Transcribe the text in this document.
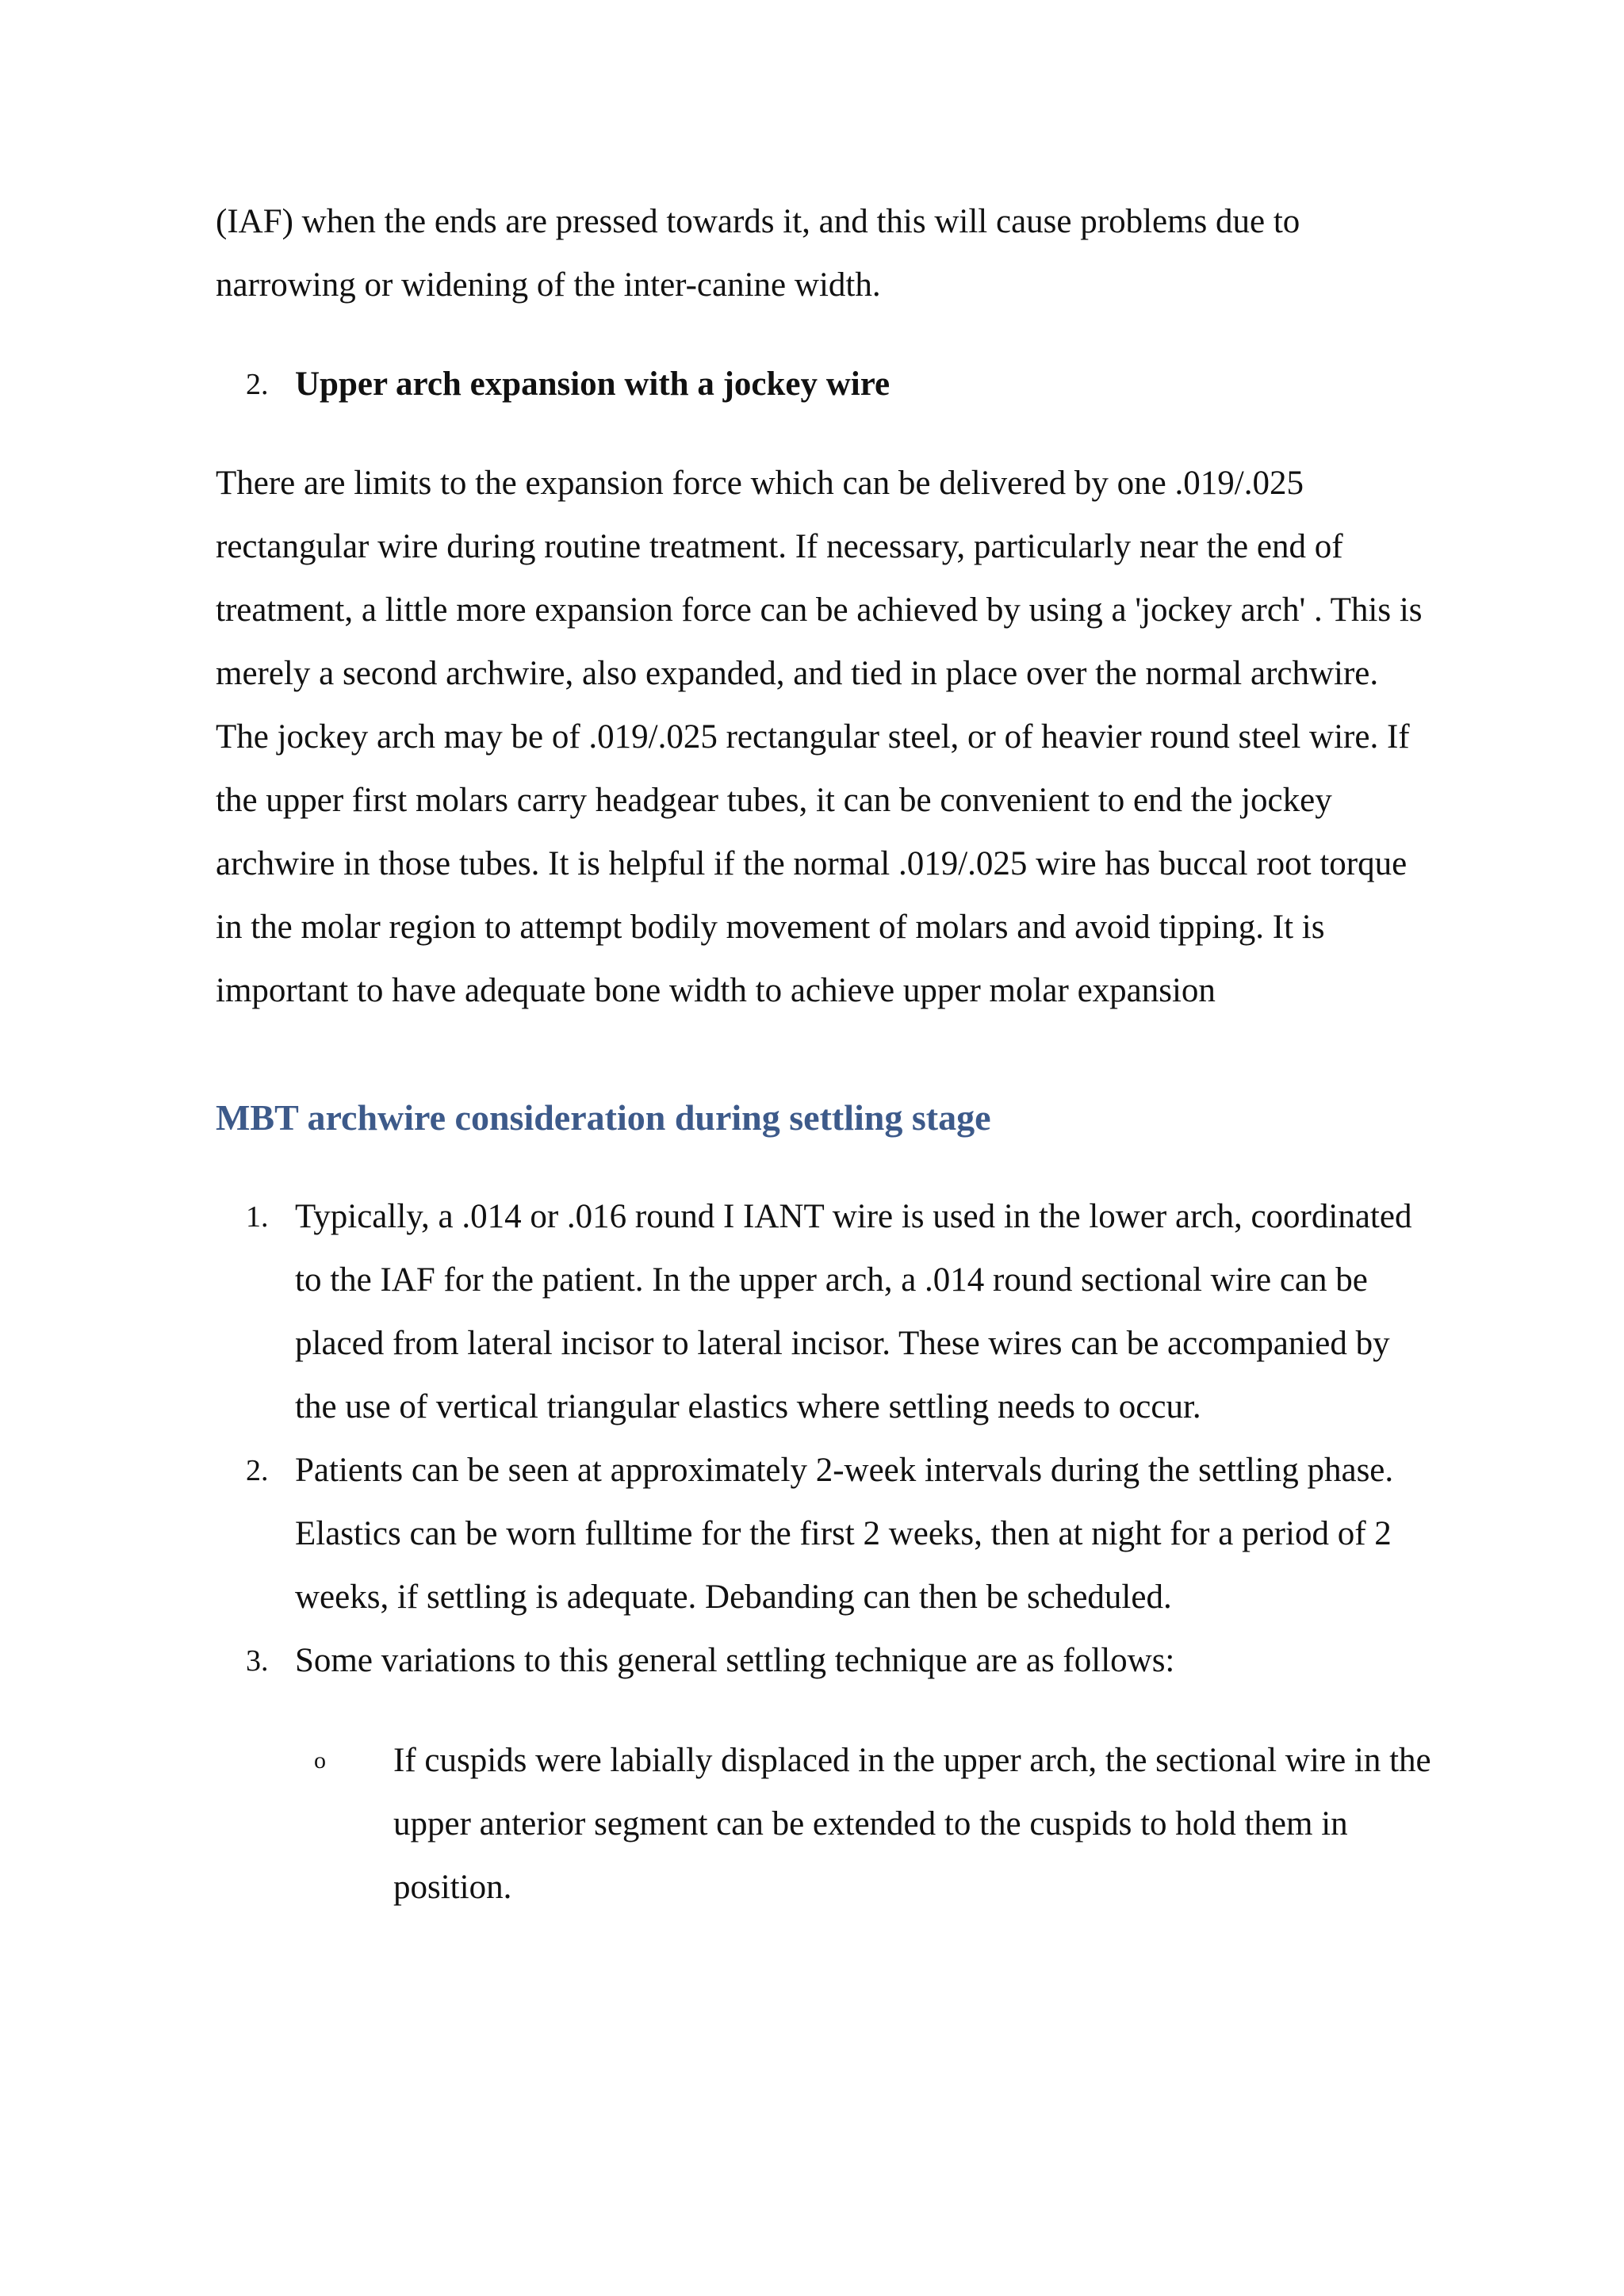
(IAF) when the ends are pressed towards it, and this will cause problems due to narrowing or widening of the inter-canine width.

2. Upper arch expansion with a jockey wire

There are limits to the expansion force which can be delivered by one .019/.025 rectangular wire during routine treatment. If necessary, particularly near the end of treatment, a little more expansion force can be achieved by using a 'jockey arch' . This is merely a second archwire, also expanded, and tied in place over the normal archwire. The jockey arch may be of .019/.025 rectangular steel, or of heavier round steel wire. If the upper first molars carry headgear tubes, it can be convenient to end the jockey archwire in those tubes. It is helpful if the normal .019/.025 wire has buccal root torque in the molar region to attempt bodily movement of molars and avoid tipping. It is important to have adequate bone width to achieve upper molar expansion

MBT archwire consideration during settling stage
1. Typically, a .014 or .016 round I IANT wire is used in the lower arch, coordinated to the IAF for the patient. In the upper arch, a .014 round sectional wire can be placed from lateral incisor to lateral incisor. These wires can be accompanied by the use of vertical triangular elastics where settling needs to occur.
2. Patients can be seen at approximately 2-week intervals during the settling phase. Elastics can be worn fulltime for the first 2 weeks, then at night for a period of 2 weeks, if settling is adequate. Debanding can then be scheduled.
3. Some variations to this general settling technique are as follows:
o	If cuspids were labially displaced in the upper arch, the sectional wire in the upper anterior segment can be extended to the cuspids to hold them in position.
